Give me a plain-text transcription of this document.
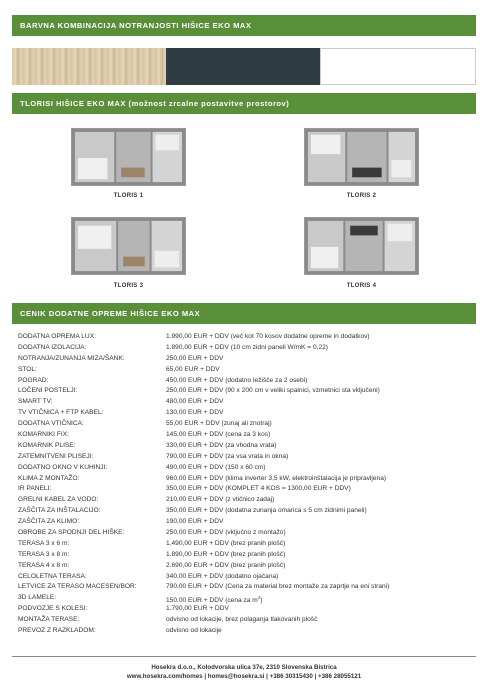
BARVNA KOMBINACIJA NOTRANJOSTI HIŠICE EKO MAX
TLORISI HIŠICE EKO MAX (možnost zrcalne postavitve prostorov)
TLORIS 1	TLORIS 2
TLORIS 3	TLORIS 4
CENIK DODATNE OPREME HIŠICE EKO MAX
DODATNA OPREMA LUX:	1.990,00 EUR + DDV (več kot 70 kosov dodatne opreme in dodatkov)
DODATNA IZOLACIJA:	1.890,00 EUR + DDV (10 cm zidni paneli W/mK = 0,22)
NOTRANJA/ZUNANJA MIZA/ŠANK:	250,00 EUR + DDV
STOL:	65,00 EUR + DDV
POGRAD:	450,00 EUR + DDV (dodatno ležišče za 2 osebi)
LOČENI POSTELJI:	250,00 EUR + DDV (90 x 200 cm v veliki spalnici, vzmetnici sta vključeni)
SMART TV:	480,00 EUR + DDV
TV VTIČNICA + FTP KABEL:	130,00 EUR + DDV
DODATNA VTIČNICA:	55,00 EUR + DDV (zunaj ali znotraj)
KOMARNIKI FIX:	145,00 EUR + DDV (cena za 3 kos)
KOMARNIK PLISE:	330,00 EUR + DDV (za vhodna vrata)
ZATEMNITVENI PLISEJI:	790,00 EUR + DDV (za vsa vrata in okna)
DODATNO OKNO V KUHINJI:	490,00 EUR + DDV (150 x 60 cm)
KLIMA Z MONTAŽO:	960,00 EUR + DDV (klima inverter 3,5 kW, elektroinštalacija je pripravljena)
IR PANELI:	350,00 EUR + DDV (KOMPLET 4 KOS = 1300,00 EUR + DDV)
GRELNI KABEL ZA VODO:	210,00 EUR + DDV (z vtičnico zadaj)
ZAŠČITA ZA INŠTALACIJO:	350,00 EUR + DDV (dodatna zunanja omarica s 5 cm zidnimi paneli)
ZAŠČITA ZA KLIMO:	190,00 EUR + DDV
OBROBE ZA SPODNJI DEL HIŠKE:	250,00 EUR + DDV (vključno z montažo)
TERASA 3 x 6 m:	1.490,00 EUR + DDV (brez pranih plošč)
TERASA 3 x 8 m:	1.890,00 EUR + DDV (brez pranih plošč)
TERASA 4 x 8 m:	2.690,00 EUR + DDV (brez pranih plošč)
CELOLETNA TERASA:	340,00 EUR + DDV (dodatno ojačana)
LETVICE ZA TERASO MACESEN/BOR:	790,00 EUR + DDV (Cena za material brez montaže za zaprtje na eni strani)
3D LAMELE:	150,00 EUR + DDV (cena za $m^2$)
PODVOZJE S KOLESI:	1.790,00 EUR + DDV
MONTAŽA TERASE:	odvisno od lokacije, brez polaganja tlakovanih plošč
PREVOZ Z RAZKLADOM:	odvisno od lokacije
Hosekra d.o.o., Kolodvorska ulica 37e, 2310 Slovenska Bistrica
www.hosekra.com/homes | homes@hosekra.si | +386 30315430 | +386 28055121
